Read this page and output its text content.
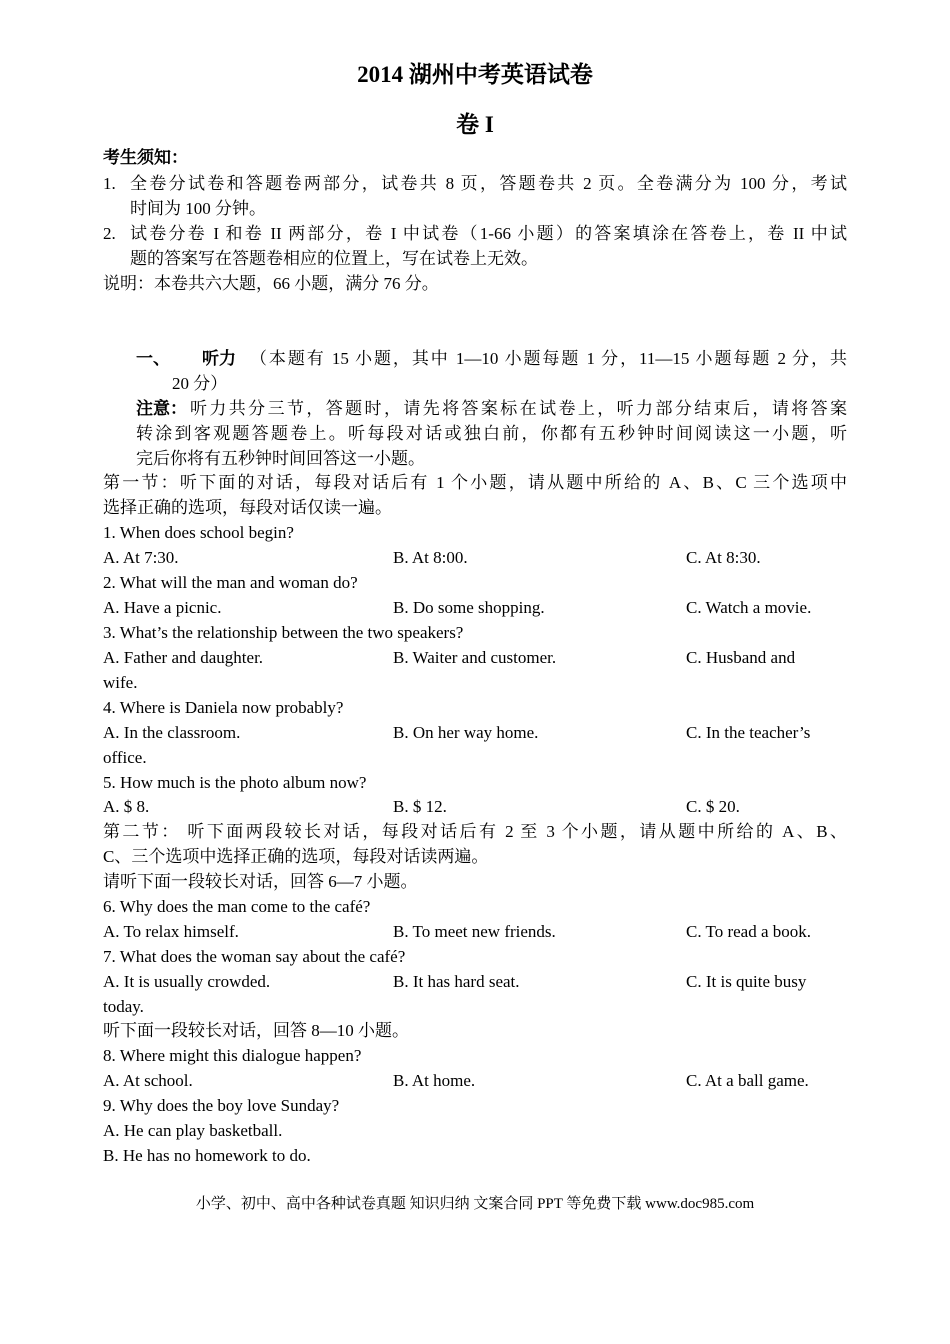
2014 湖州中考英语试卷
卷 I
考生须知：
1. 全卷分试卷和答题卷两部分，试卷共 8 页，答题卷共 2 页。全卷满分为 100 分，考试
时间为 100 分钟。
2. 试卷分卷 I 和卷 II 两部分，卷 I 中试卷（1-66 小题）的答案填涂在答卷上，卷 II 中试
题的答案写在答题卷相应的位置上，写在试卷上无效。
说明：本卷共六大题，66 小题，满分 76 分。
一、 听力 （本题有 15 小题，其中 1—10 小题每题 1 分，11—15 小题每题 2 分，共
20 分）
注意： 听力共分三节，答题时，请先将答案标在试卷上，听力部分结束后，请将答案
转涂到客观题答题卷上。听每段对话或独白前，你都有五秒钟时间阅读这一小题，听
完后你将有五秒钟时间回答这一小题。
第一节：听下面的对话，每段对话后有 1 个小题，请从题中所给的 A、B、C 三个选项中
选择正确的选项，每段对话仅读一遍。
1. When does school begin?
A. At 7:30.	B. At 8:00.	C. At 8:30.
2. What will the man and woman do?
A. Have a picnic.	B. Do some shopping.	C. Watch a movie.
3. What’s the relationship between the two speakers?
A. Father and daughter.	B. Waiter and customer.	C. Husband and
wife.
4. Where is Daniela now probably?
A. In the classroom.	B. On her way home.	C. In the teacher’s
office.
5. How much is the photo album now?
A. $ 8.	B. $ 12.	C. $ 20.
第二节： 听下面两段较长对话，每段对话后有 2 至 3 个小题，请从题中所给的 A、B、
C、三个选项中选择正确的选项，每段对话读两遍。
请听下面一段较长对话，回答 6—7 小题。
6. Why does the man come to the café?
A. To relax himself.	B. To meet new friends.	C. To read a book.
7. What does the woman say about the café?
A. It is usually crowded.	B. It has hard seat.	C. It is quite busy
today.
听下面一段较长对话，回答 8—10 小题。
8. Where might this dialogue happen?
A. At school.	B. At home.	C. At a ball game.
9. Why does the boy love Sunday?
A. He can play basketball.
B. He has no homework to do.
小学、初中、高中各种试卷真题 知识归纳 文案合同 PPT 等免费下载 www.doc985.com
